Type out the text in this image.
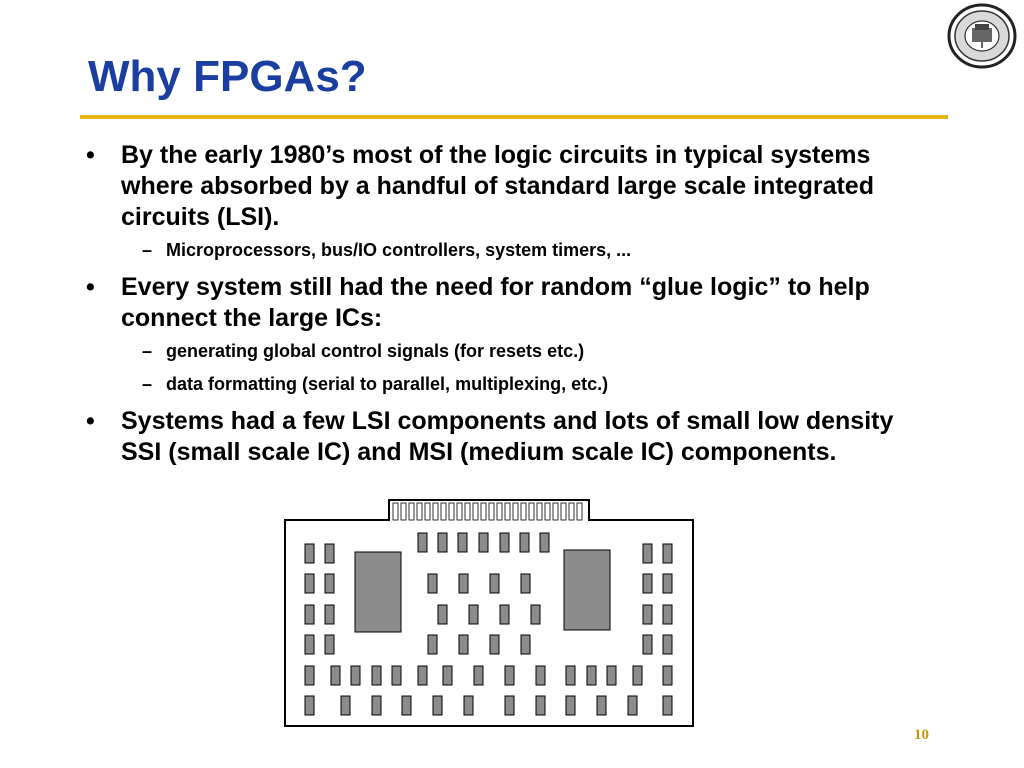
Why FPGAs?
• By the early 1980’s most of the logic circuits in typical systems where absorbed by a handful of standard large scale integrated circuits (LSI).
– Microprocessors, bus/IO controllers, system timers, ...
• Every system still had the need for random “glue logic” to help connect the large ICs:
– generating global control signals (for resets etc.)
– data formatting (serial to parallel, multiplexing, etc.)
• Systems had a few LSI components and lots of small low density SSI (small scale IC) and MSI (medium scale IC) components.
10
